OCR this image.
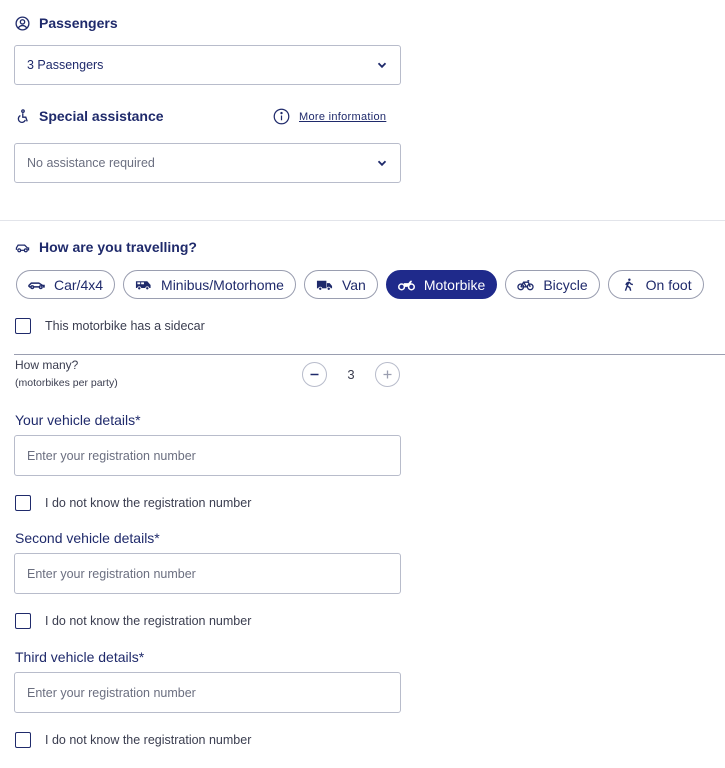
Passengers
3 Passengers
Special assistance	More information
No assistance required
How are you travelling?
Car/4x4	Minibus/Motorhome	Van	Motorbike	Bicycle	On foot
This motorbike has a sidecar
How many?
(motorbikes per party)
3
Your vehicle details*
Enter your registration number
I do not know the registration number
Second vehicle details*
Enter your registration number
I do not know the registration number
Third vehicle details*
Enter your registration number
I do not know the registration number
